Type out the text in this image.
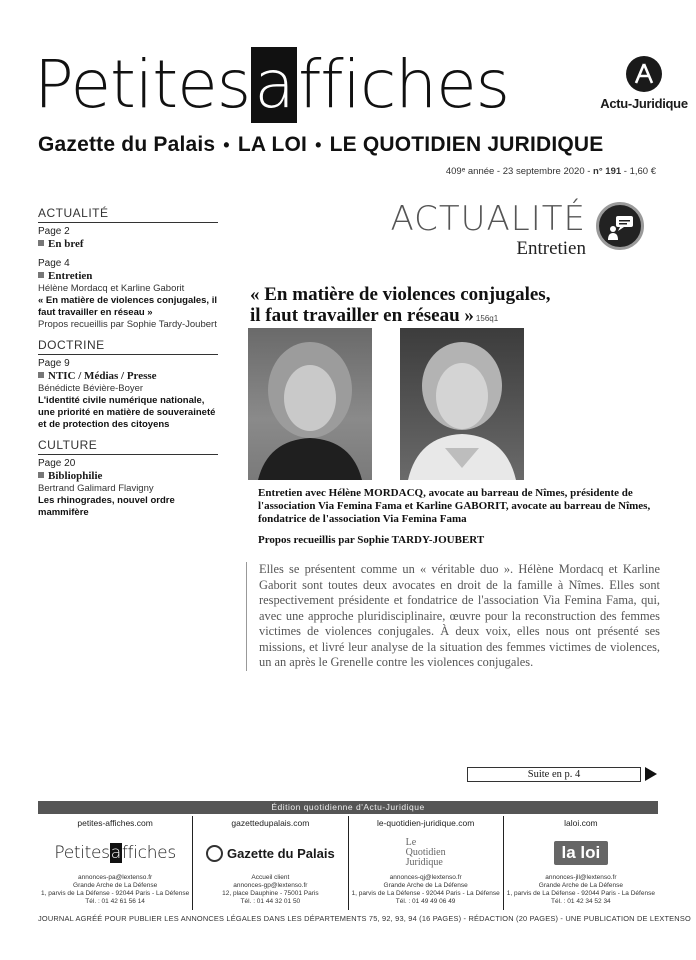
Petitesaffiches	Actu-Juridique
Gazette du Palais • LA LOI • LE QUOTIDIEN JURIDIQUE
409ᵉ année - 23 septembre 2020 - n° 191 - 1,60 €
ACTUALITÉ
Page 2
En bref
Page 4
Entretien
Hélène Mordacq et Karline Gaborit
« En matière de violences conjugales, il faut travailler en réseau »
Propos recueillis par Sophie Tardy-Joubert
DOCTRINE
Page 9
NTIC / Médias / Presse
Bénédicte Bévière-Boyer
L'identité civile numérique nationale, une priorité en matière de souveraineté et de protection des citoyens
CULTURE
Page 20
Bibliophilie
Bertrand Galimard Flavigny
Les rhinogrades, nouvel ordre mammifère
ACTUALITÉ
Entretien
« En matière de violences conjugales,
il faut travailler en réseau » 156q1
Entretien avec Hélène MORDACQ, avocate au barreau de Nîmes, présidente de l'association Via Femina Fama et Karline GABORIT, avocate au barreau de Nîmes, fondatrice de l'association Via Femina Fama
Propos recueillis par Sophie TARDY-JOUBERT
Elles se présentent comme un « véritable duo ». Hélène Mordacq et Karline Gaborit sont toutes deux avocates en droit de la famille à Nîmes. Elles sont respectivement présidente et fondatrice de l'association Via Femina Fama, qui, avec une approche pluridisciplinaire, œuvre pour la reconstruction des femmes victimes de violences conjugales. À deux voix, elles nous ont présenté ses missions, et livré leur analyse de la situation des femmes victimes de violences, un an après le Grenelle contre les violences conjugales.
Suite en p. 4
Édition quotidienne d'Actu-Juridique
petites-affiches.com
Petitesaffiches
annonces-pa@lextenso.fr
Grande Arche de La Défense
1, parvis de La Défense - 92044 Paris - La Défense
Tél. : 01 42 61 56 14
gazettedupalais.com
Gazette du Palais
Accueil client
annonces-gp@lextenso.fr
12, place Dauphine - 75001 Paris
Tél. : 01 44 32 01 50
le-quotidien-juridique.com
Le
Quotidien
Juridique
annonces-qj@lextenso.fr
Grande Arche de La Défense
1, parvis de La Défense - 92044 Paris - La Défense
Tél. : 01 49 49 06 49
laloi.com
la loi
annonces-jll@lextenso.fr
Grande Arche de La Défense
1, parvis de La Défense - 92044 Paris - La Défense
Tél. : 01 42 34 52 34
JOURNAL AGRÉÉ POUR PUBLIER LES ANNONCES LÉGALES DANS LES DÉPARTEMENTS 75, 92, 93, 94 (16 PAGES) - RÉDACTION (20 PAGES) - UNE PUBLICATION DE LEXTENSO
